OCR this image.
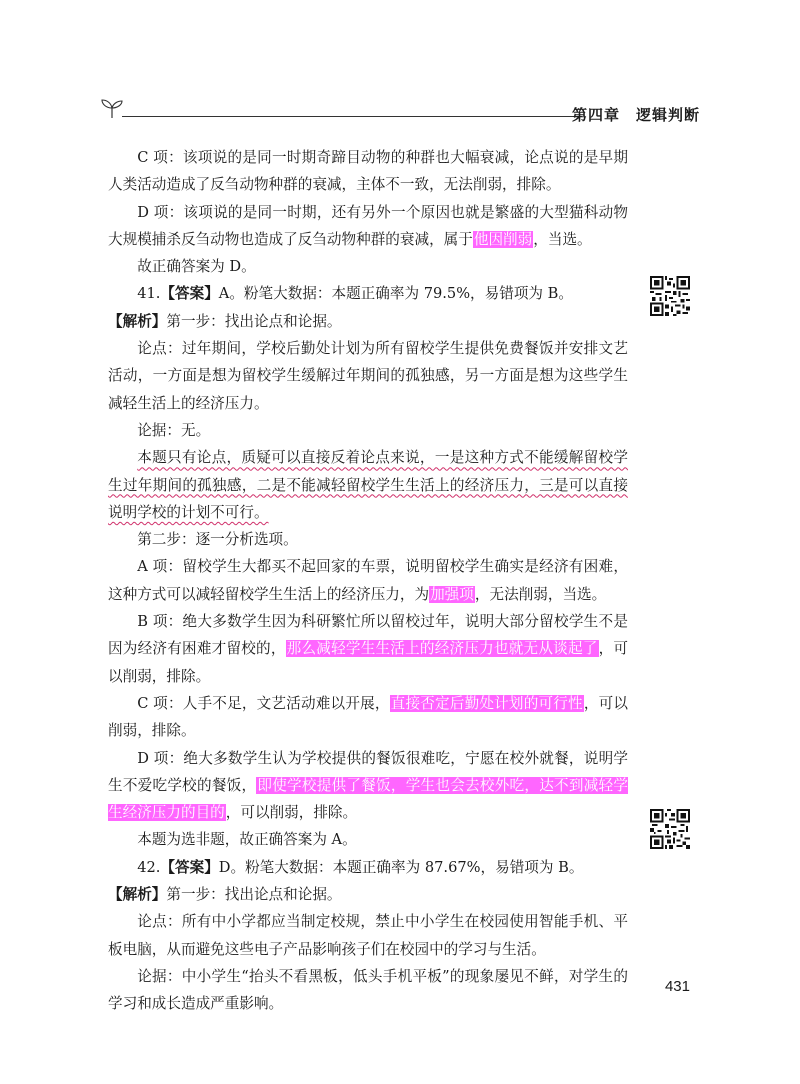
第四章　逻辑判断

C 项：该项说的是同一时期奇蹄目动物的种群也大幅衰减，论点说的是早期人类活动造成了反刍动物种群的衰减，主体不一致，无法削弱，排除。

D 项：该项说的是同一时期，还有另外一个原因也就是繁盛的大型猫科动物大规模捕杀反刍动物也造成了反刍动物种群的衰减，属于他因削弱，当选。

故正确答案为 D。

41.【答案】A。粉笔大数据：本题正确率为 79.5%，易错项为 B。

【解析】第一步：找出论点和论据。

论点：过年期间，学校后勤处计划为所有留校学生提供免费餐饭并安排文艺活动，一方面是想为留校学生缓解过年期间的孤独感，另一方面是想为这些学生减轻生活上的经济压力。

论据：无。

本题只有论点，质疑可以直接反着论点来说，一是这种方式不能缓解留校学生过年期间的孤独感，二是不能减轻留校学生生活上的经济压力，三是可以直接说明学校的计划不可行。

第二步：逐一分析选项。

A 项：留校学生大都买不起回家的车票，说明留校学生确实是经济有困难，这种方式可以减轻留校学生生活上的经济压力，为加强项，无法削弱，当选。

B 项：绝大多数学生因为科研繁忙所以留校过年，说明大部分留校学生不是因为经济有困难才留校的，那么减轻学生生活上的经济压力也就无从谈起了，可以削弱，排除。

C 项：人手不足，文艺活动难以开展，直接否定后勤处计划的可行性，可以削弱，排除。

D 项：绝大多数学生认为学校提供的餐饭很难吃，宁愿在校外就餐，说明学生不爱吃学校的餐饭，即使学校提供了餐饭，学生也会去校外吃，达不到减轻学生经济压力的目的，可以削弱，排除。

本题为选非题，故正确答案为 A。

42.【答案】D。粉笔大数据：本题正确率为 87.67%，易错项为 B。

【解析】第一步：找出论点和论据。

论点：所有中小学都应当制定校规，禁止中小学生在校园使用智能手机、平板电脑，从而避免这些电子产品影响孩子们在校园中的学习与生活。

论据：中小学生“抬头不看黑板，低头手机平板”的现象屡见不鲜，对学生的学习和成长造成严重影响。

431
